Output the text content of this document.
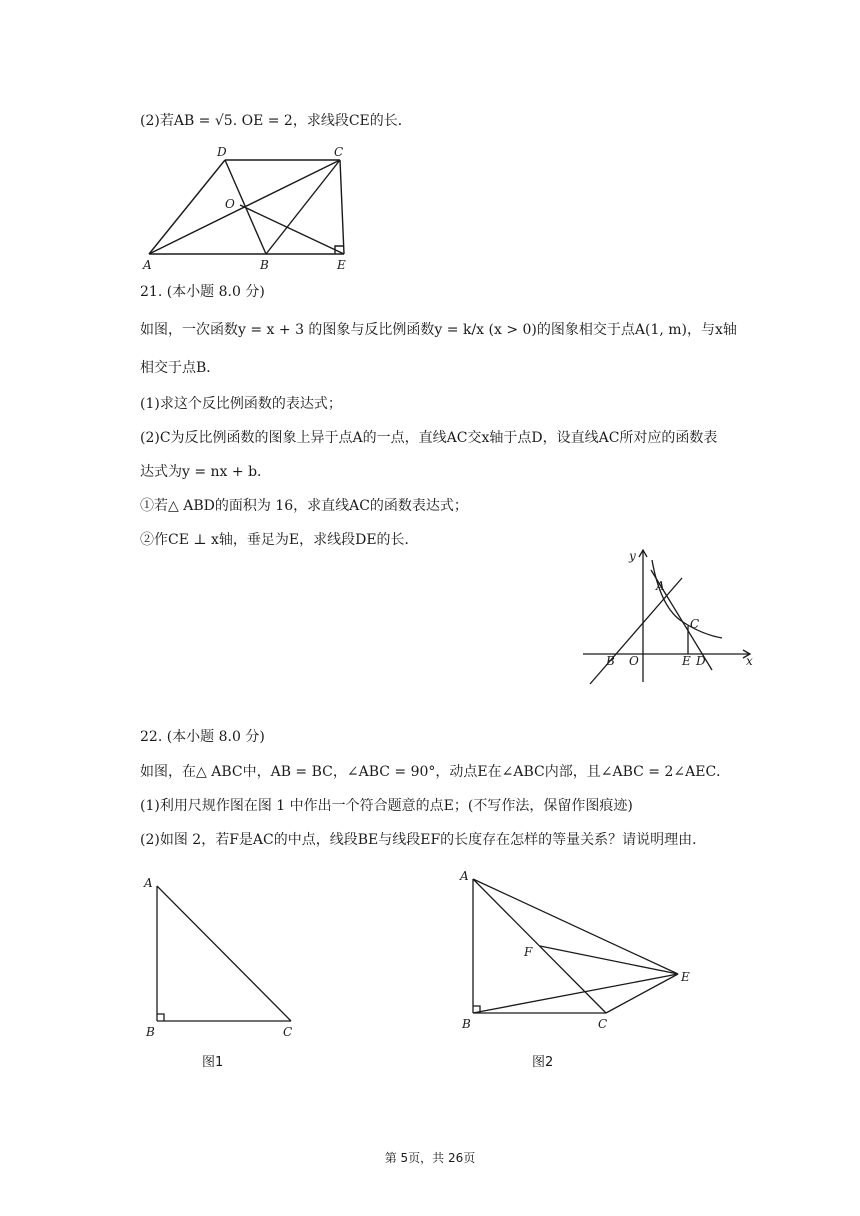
(2)若AB = √5. OE = 2，求线段CE的长．
D	C
O
A	B	E
21. (本小题 8.0 分)
如图，一次函数y = x + 3 的图象与反比例函数y = k/x (x > 0)的图象相交于点A(1, m)，与x轴
相交于点B．
(1)求这个反比例函数的表达式；
(2)C为反比例函数的图象上异于点A的一点，直线AC交x轴于点D，设直线AC所对应的函数表
达式为y = nx + b．
①若△ ABD的面积为 16，求直线AC的函数表达式；
②作CE ⊥ x轴，垂足为E，求线段DE的长．
y
A
C
B O	E D	x
22. (本小题 8.0 分)
如图，在△ ABC中，AB = BC，∠ABC = 90°，动点E在∠ABC内部，且∠ABC = 2∠AEC．
(1)利用尺规作图在图 1 中作出一个符合题意的点E；(不写作法，保留作图痕迹)
(2)如图 2，若F是AC的中点，线段BE与线段EF的长度存在怎样的等量关系？请说明理由．
A
B	C
图1
A
F
E
B	C
图2
第 5页，共 26页
